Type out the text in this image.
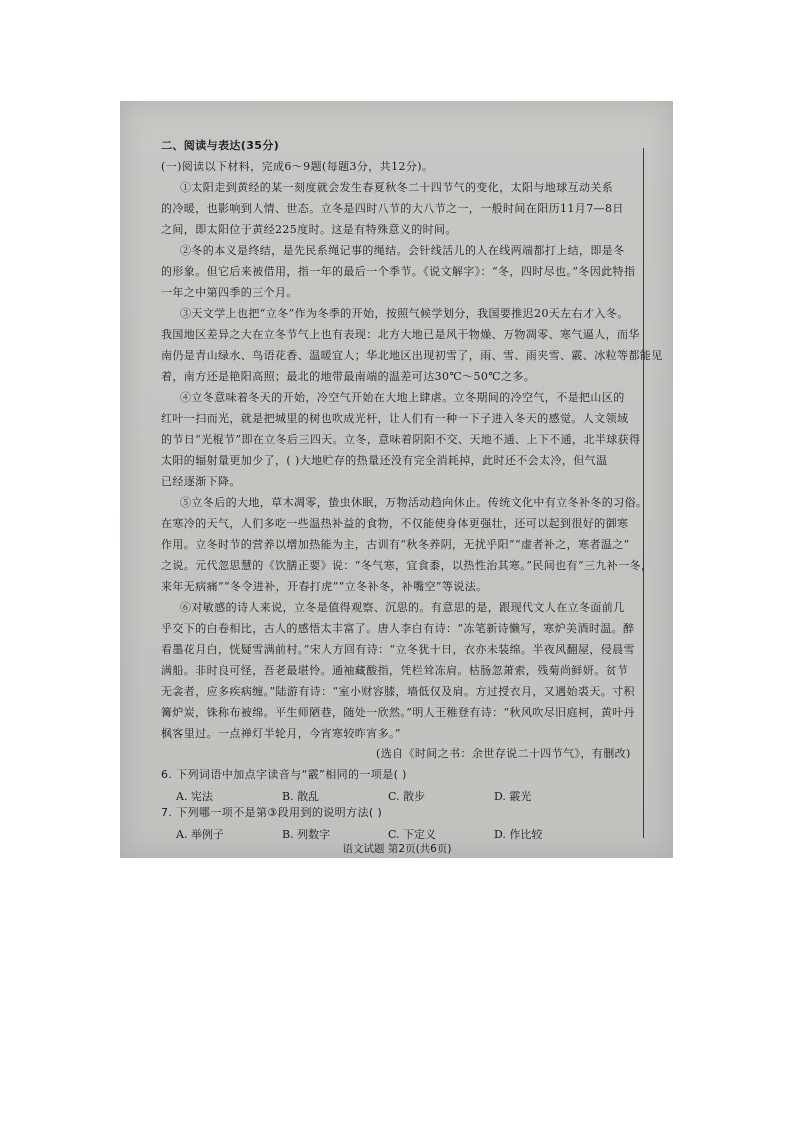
二、阅读与表达(35分)
(一)阅读以下材料，完成6～9题(每题3分，共12分)。
①太阳走到黄经的某一刻度就会发生春夏秋冬二十四节气的变化，太阳与地球互动关系
的冷暖，也影响到人情、世态。立冬是四时八节的大八节之一，一般时间在阳历11月7—8日
之间，即太阳位于黄经225度时。这是有特殊意义的时间。
②冬的本义是终结，是先民系绳记事的绳结。会针线活儿的人在线两端都打上结，即是冬
的形象。但它后来被借用，指一年的最后一个季节。《说文解字》：“冬，四时尽也。”冬因此特指
一年之中第四季的三个月。
③天文学上也把“立冬”作为冬季的开始，按照气候学划分，我国要推迟20天左右才入冬。
我国地区差异之大在立冬节气上也有表现：北方大地已是风干物燥、万物凋零、寒气逼人，而华
南仍是青山绿水、鸟语花香、温暖宜人；华北地区出现初雪了，雨、雪、雨夹雪、霰、冰粒等都能见
着，南方还是艳阳高照；最北的地带最南端的温差可达30℃～50℃之多。
④立冬意味着冬天的开始，冷空气开始在大地上肆虐。立冬期间的冷空气，不是把山区的
红叶一扫而光，就是把城里的树也吹成光杆，让人们有一种一下子进入冬天的感觉。人文领域
的节日“光棍节”即在立冬后三四天。立冬，意味着阴阳不交、天地不通、上下不通，北半球获得
太阳的辐射量更加少了，( )大地贮存的热量还没有完全消耗掉，此时还不会太冷，但气温
已经逐渐下降。
⑤立冬后的大地，草木凋零，蛰虫休眠，万物活动趋向休止。传统文化中有立冬补冬的习俗。
在寒冷的天气，人们多吃一些温热补益的食物，不仅能使身体更强壮，还可以起到很好的御寒
作用。立冬时节的营养以增加热能为主，古训有“秋冬养阴，无扰乎阳”“虚者补之，寒者温之”
之说。元代忽思慧的《饮膳正要》说：“冬气寒，宜食黍，以热性治其寒。”民间也有“三九补一冬，
来年无病痛”“冬令进补，开春打虎”“立冬补冬，补嘴空”等说法。
⑥对敏感的诗人来说，立冬是值得观察、沉思的。有意思的是，跟现代文人在立冬面前几
乎交下的白卷相比，古人的感悟太丰富了。唐人李白有诗：“冻笔新诗懒写，寒炉美酒时温。醉
看墨花月白，恍疑雪满前村。”宋人方回有诗：“立冬犹十日，衣亦未装绵。半夜风翻屋，侵晨雪
满船。非时良可怪，吾老最堪怜。通袖藏酸指，凭栏耸冻肩。枯肠忽萧索，残菊尚鲜妍。贫节
无衾者，应多疾病缠。”陆游有诗：“室小财容膝，墙低仅及肩。方过授衣月，又遇始裘天。寸积
篝炉炭，铢称布被绵。平生师陋巷，随处一欣然。”明人王稚登有诗：“秋风吹尽旧庭柯，黄叶丹
枫客里过。一点禅灯半轮月，今宵寒较昨宵多。”
(选自《时间之书：余世存说二十四节气》，有删改)
6. 下列词语中加点字读音与“霰”相同的一项是( )
A. 宪法	B. 散乱	C. 散步	D. 霰光
7. 下列哪一项不是第③段用到的说明方法( )
A. 举例子	B. 列数字	C. 下定义	D. 作比较
语文试题 第2页(共6页)
